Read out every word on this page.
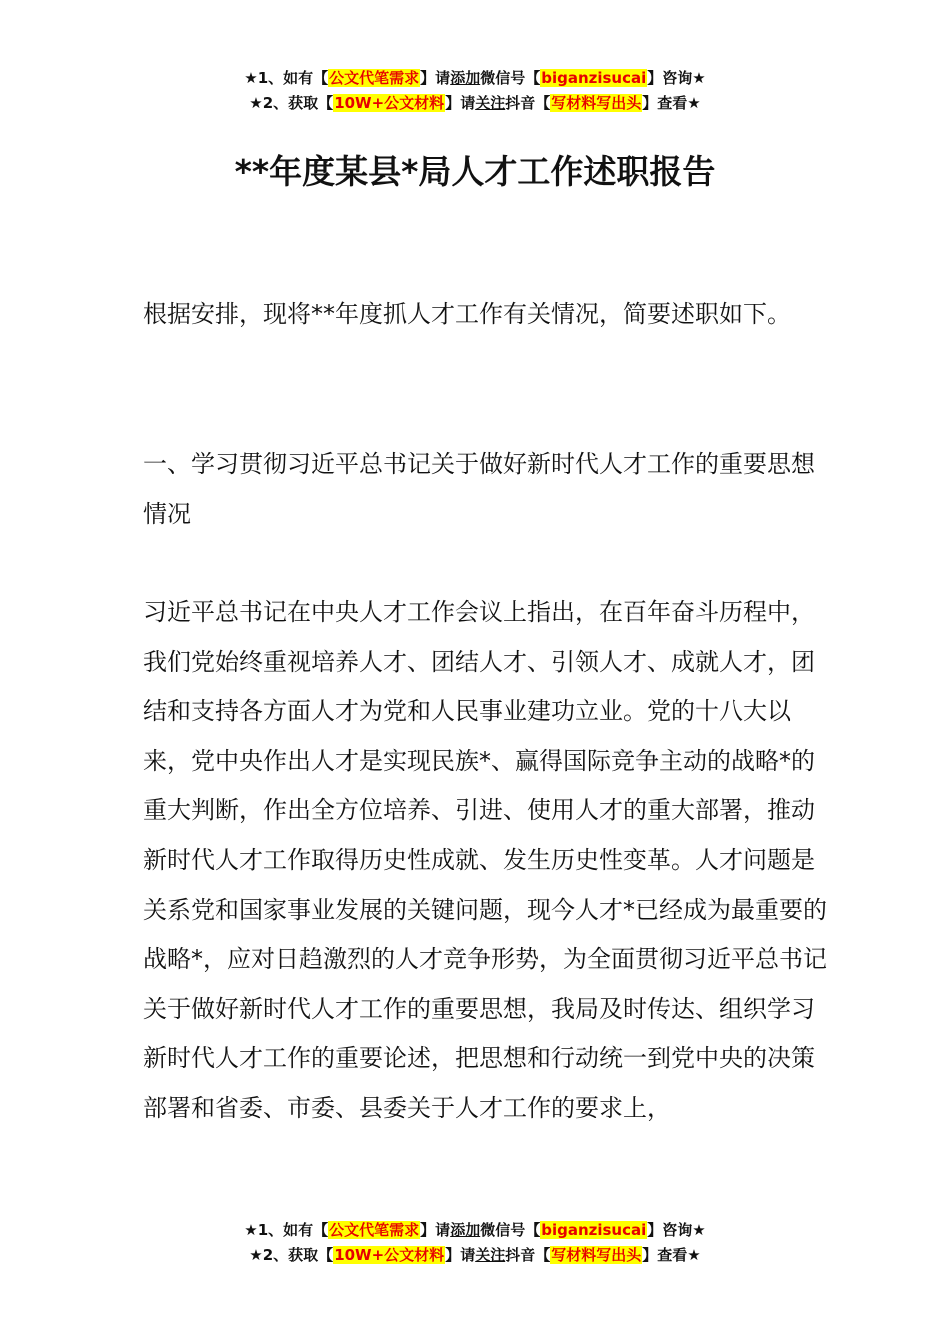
★1、如有【公文代笔需求】请添加微信号【biganzisucai】咨询★
★2、获取【10W+公文材料】请关注抖音【写材料写出头】查看★
**年度某县*局人才工作述职报告

根据安排，现将**年度抓人才工作有关情况，简要述职如下。

一、学习贯彻习近平总书记关于做好新时代人才工作的重要思想情况

习近平总书记在中央人才工作会议上指出，在百年奋斗历程中，我们党始终重视培养人才、团结人才、引领人才、成就人才，团结和支持各方面人才为党和人民事业建功立业。党的十八大以来，党中央作出人才是实现民族*、赢得国际竞争主动的战略*的重大判断，作出全方位培养、引进、使用人才的重大部署，推动新时代人才工作取得历史性成就、发生历史性变革。人才问题是关系党和国家事业发展的关键问题，现今人才*已经成为最重要的战略*，应对日趋激烈的人才竞争形势，为全面贯彻习近平总书记关于做好新时代人才工作的重要思想，我局及时传达、组织学习新时代人才工作的重要论述，把思想和行动统一到党中央的决策部署和省委、市委、县委关于人才工作的要求上，

★1、如有【公文代笔需求】请添加微信号【biganzisucai】咨询★
★2、获取【10W+公文材料】请关注抖音【写材料写出头】查看★
